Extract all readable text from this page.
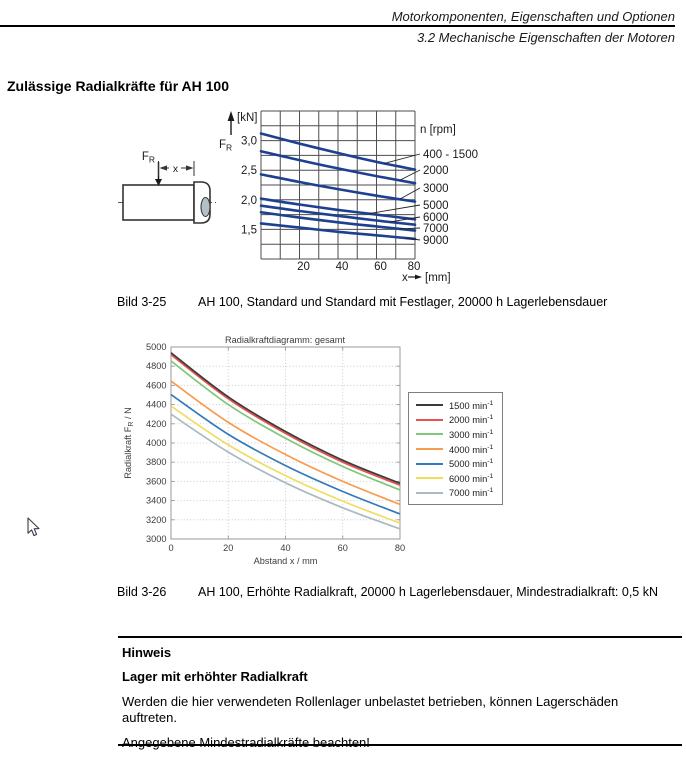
Motorkomponenten, Eigenschaften und Optionen
3.2 Mechanische Eigenschaften der Motoren
Zulässige Radialkräfte für AH 100
$F_R$
x
[kN]
$F_R$
20 40 60 80
3,0
2,5
2,0
1,5
400 - 1500
2000
3000
5000
6000
7000
9000
n [rpm]
x [mm]
Bild 3-25	AH 100, Standard und Standard mit Festlager, 20000 h Lagerlebensdauer
Radialkraftdiagramm: gesamt
0	20	40	60	80
3000
3200
3400
3600
3800
4000
4200
4400
4600
4800
5000
Abstand x / mm
Radialkraft FR / N
1500 $\min^{-1}$
2000 $\min^{-1}$
3000 $\min^{-1}$
4000 $\min^{-1}$
5000 $\min^{-1}$
6000 $\min^{-1}$
7000 $\min^{-1}$
Bild 3-26	AH 100, Erhöhte Radialkraft, 20000 h Lagerlebensdauer, Mindestradialkraft: 0,5 kN
Hinweis
Lager mit erhöhter Radialkraft
Werden die hier verwendeten Rollenlager unbelastet betrieben, können Lagerschäden auftreten.
Angegebene Mindestradialkräfte beachten!
